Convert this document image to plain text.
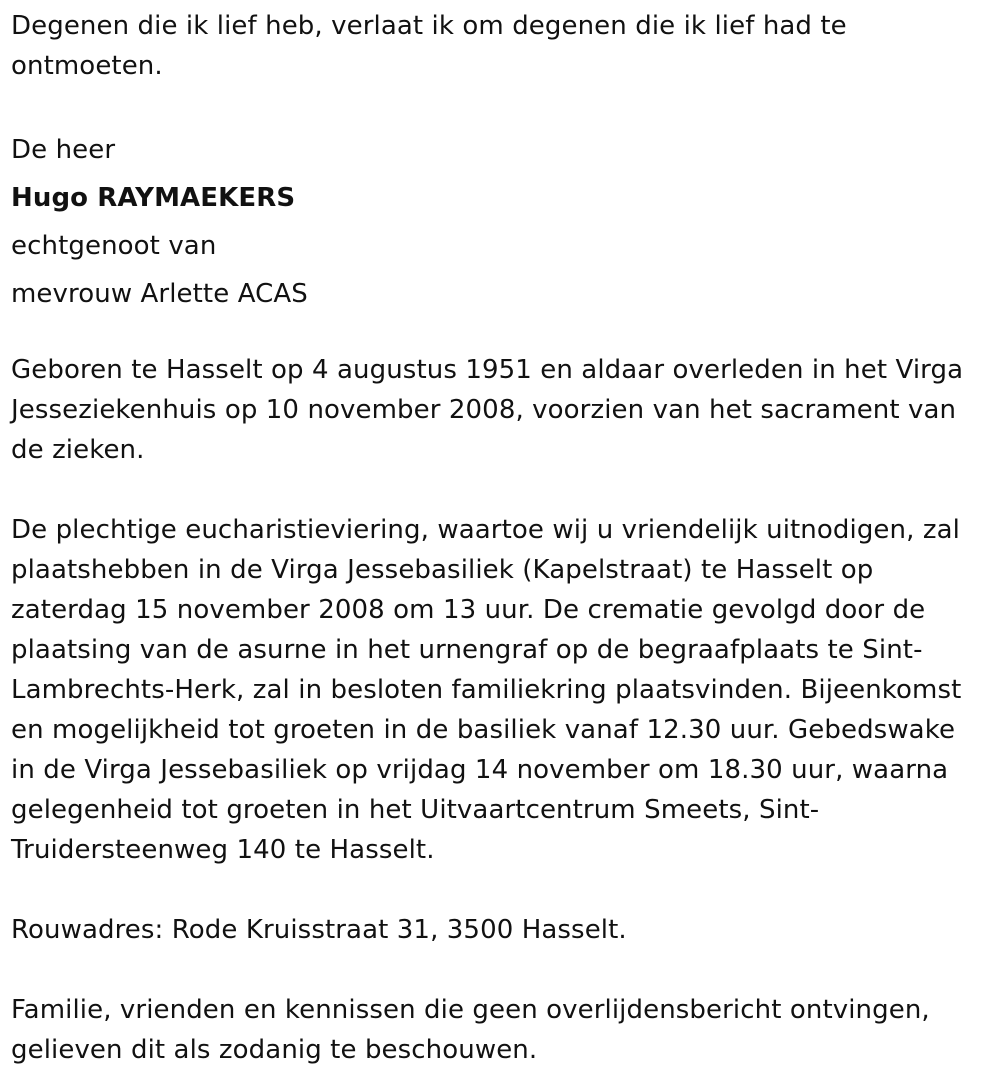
Degenen die ik lief heb, verlaat ik om degenen die ik lief had te ontmoeten.

De heer

Hugo RAYMAEKERS

echtgenoot van

mevrouw Arlette ACAS

Geboren te Hasselt op 4 augustus 1951 en aldaar overleden in het Virga Jesseziekenhuis op 10 november 2008, voorzien van het sacrament van de zieken.

De plechtige eucharistieviering, waartoe wij u vriendelijk uitnodigen, zal plaatshebben in de Virga Jessebasiliek (Kapelstraat) te Hasselt op zaterdag 15 november 2008 om 13 uur. De crematie gevolgd door de plaatsing van de asurne in het urnengraf op de begraafplaats te Sint-Lambrechts-Herk, zal in besloten familiekring plaatsvinden. Bijeenkomst en mogelijkheid tot groeten in de basiliek vanaf 12.30 uur. Gebedswake in de Virga Jessebasiliek op vrijdag 14 november om 18.30 uur, waarna gelegenheid tot groeten in het Uitvaartcentrum Smeets, Sint-Truidersteenweg 140 te Hasselt.

Rouwadres: Rode Kruisstraat 31, 3500 Hasselt.

Familie, vrienden en kennissen die geen overlijdensbericht ontvingen, gelieven dit als zodanig te beschouwen.
